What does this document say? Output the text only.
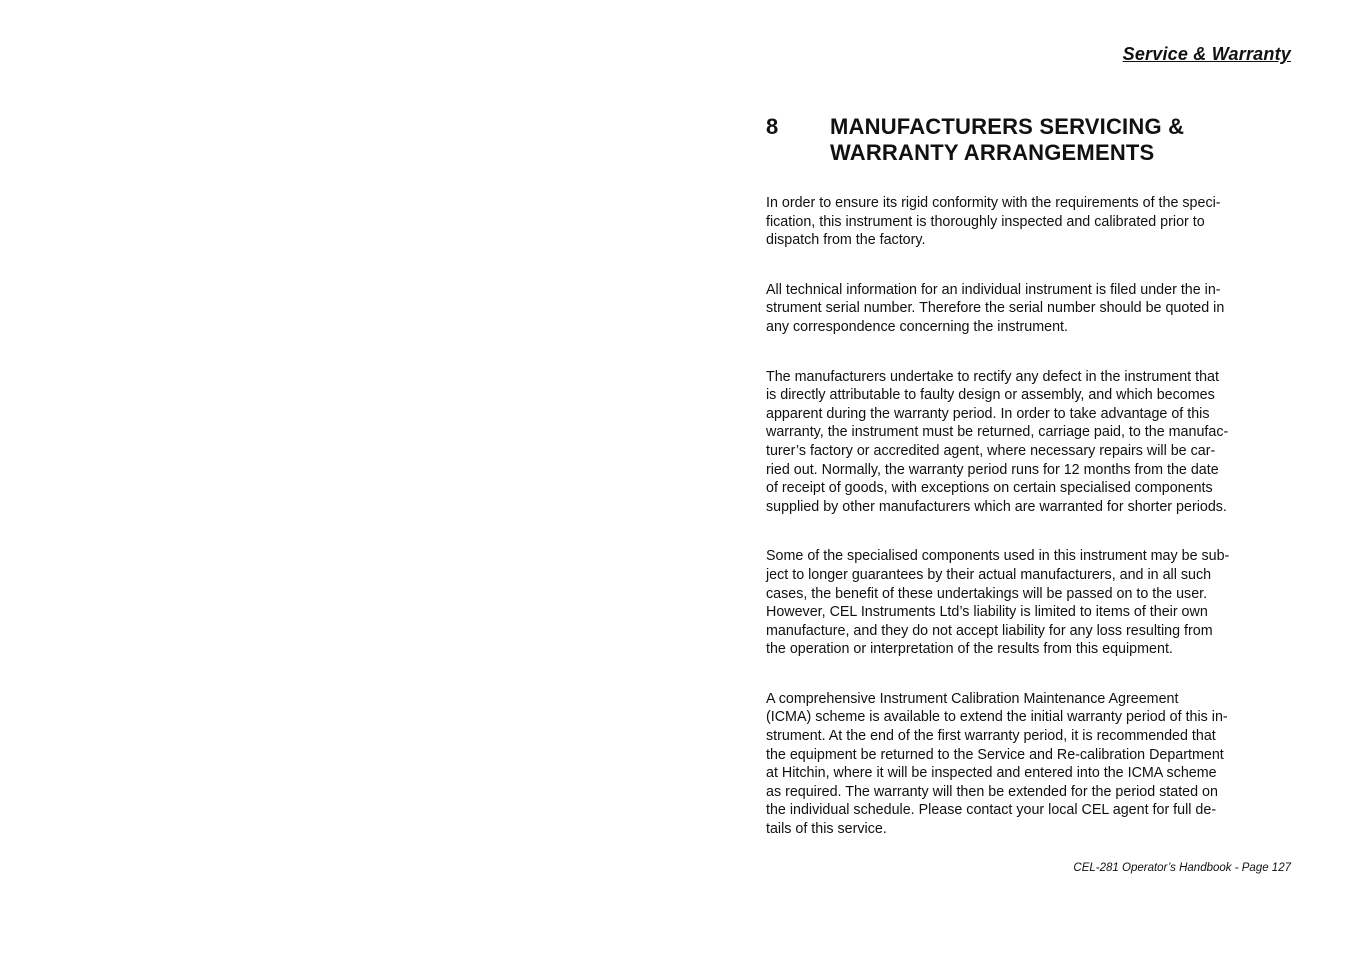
Service & Warranty
8	MANUFACTURERS SERVICING &
WARRANTY ARRANGEMENTS

In order to ensure its rigid conformity with the requirements of the speci-
fication, this instrument is thoroughly inspected and calibrated prior to
dispatch from the factory.

All technical information for an individual instrument is filed under the in-
strument serial number. Therefore the serial number should be quoted in
any correspondence concerning the instrument.

The manufacturers undertake to rectify any defect in the instrument that
is directly attributable to faulty design or assembly, and which becomes
apparent during the warranty period. In order to take advantage of this
warranty, the instrument must be returned, carriage paid, to the manufac-
turer’s factory or accredited agent, where necessary repairs will be car-
ried out. Normally, the warranty period runs for 12 months from the date
of receipt of goods, with exceptions on certain specialised components
supplied by other manufacturers which are warranted for shorter periods.

Some of the specialised components used in this instrument may be sub-
ject to longer guarantees by their actual manufacturers, and in all such
cases, the benefit of these undertakings will be passed on to the user.
However, CEL Instruments Ltd’s liability is limited to items of their own
manufacture, and they do not accept liability for any loss resulting from
the operation or interpretation of the results from this equipment.

A comprehensive Instrument Calibration Maintenance Agreement
(ICMA) scheme is available to extend the initial warranty period of this in-
strument. At the end of the first warranty period, it is recommended that
the equipment be returned to the Service and Re-calibration Department
at Hitchin, where it will be inspected and entered into the ICMA scheme
as required. The warranty will then be extended for the period stated on
the individual schedule. Please contact your local CEL agent for full de-
tails of this service.

CEL-281 Operator’s Handbook - Page 127
